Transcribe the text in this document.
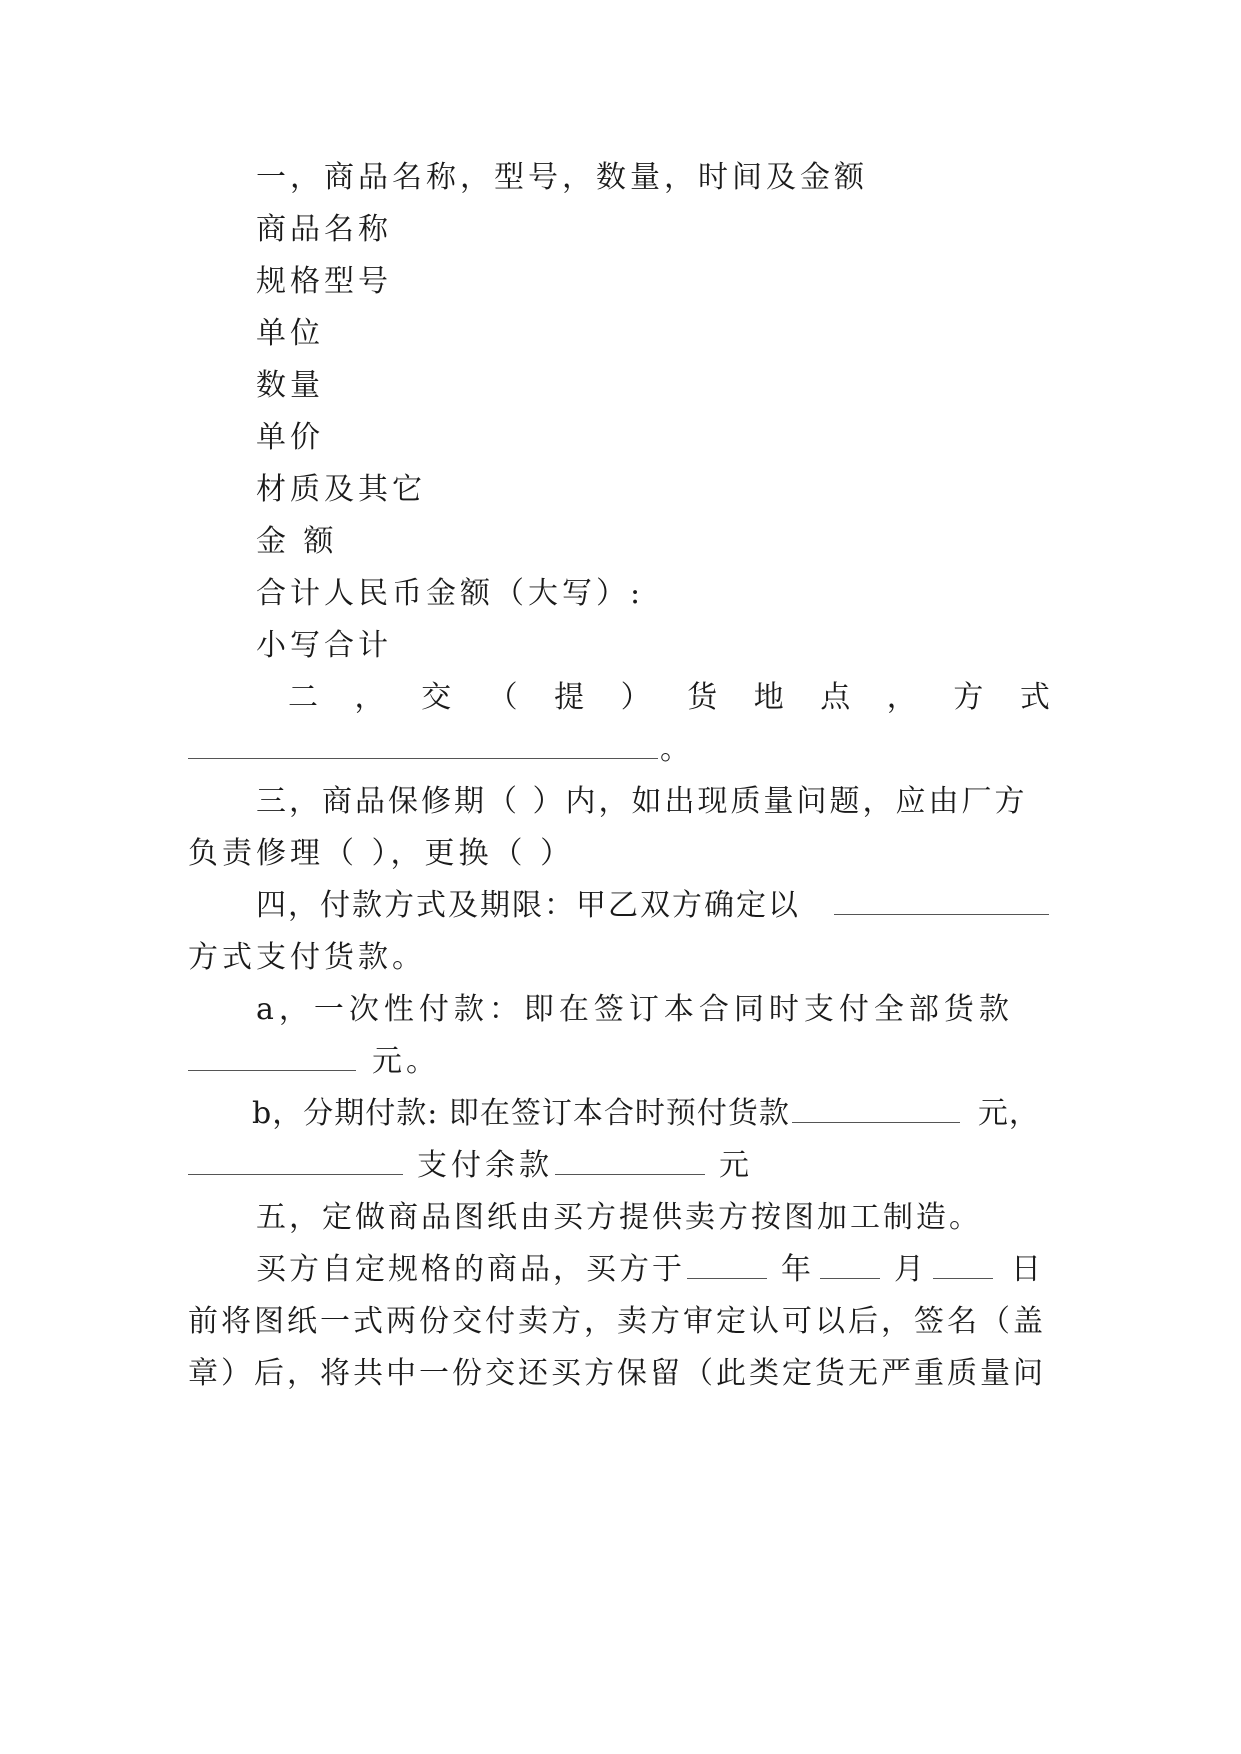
一，商品名称，型号，数量，时间及金额
商品名称
规格型号
单位
数量
单价
材质及其它
金 额
合计人民币金额（大写）:
小写合计
二 ， 交 （ 提 ） 货 地 点 ， 方 式
。
三，商品保修期（ ）内，如出现质量问题，应由厂方
负责修理（ ），更换（ ）
四，付款方式及期限：甲乙双方确定以
方式支付货款。
a，一次性付款：即在签订本合同时支付全部货款
元。
b，分期付款: 即在签订本合时预付货款	元，
支付余款	元
五，定做商品图纸由买方提供卖方按图加工制造。
买方自定规格的商品，买方于	年	月	日
前将图纸一式两份交付卖方，卖方审定认可以后，签名（盖
章）后，将共中一份交还买方保留（此类定货无严重质量问
